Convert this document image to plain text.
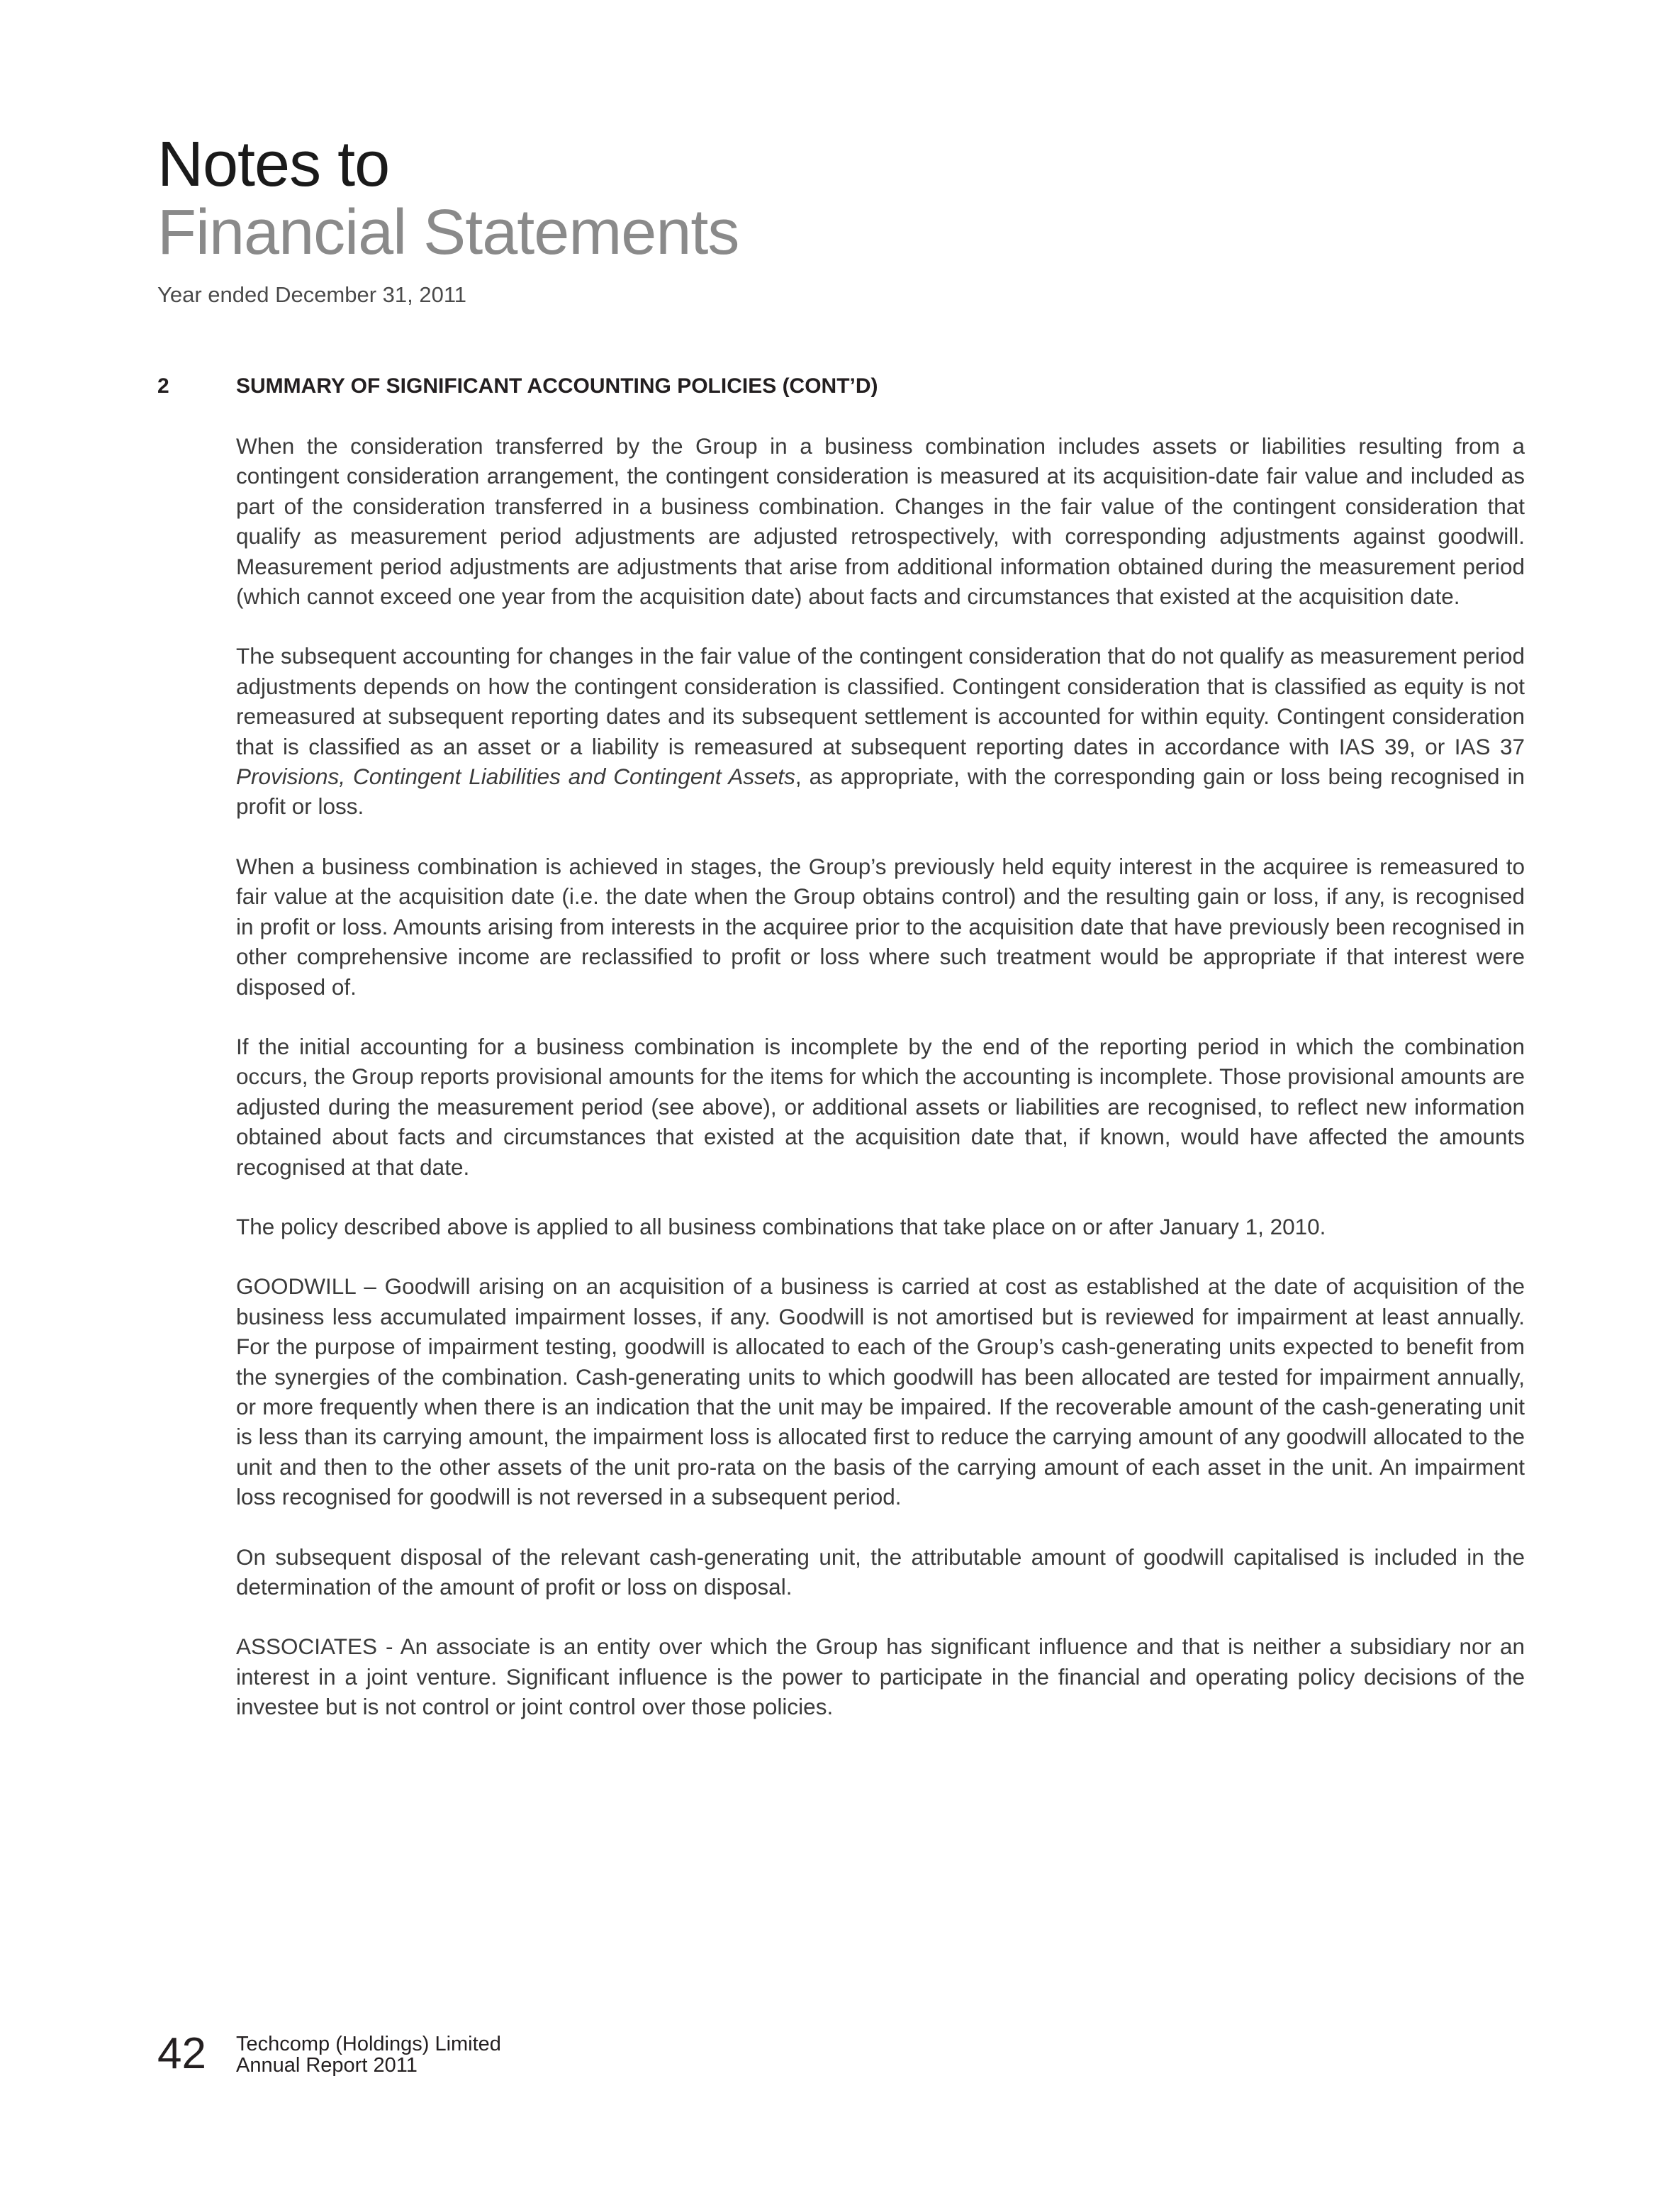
Notes to
Financial Statements
Year ended December 31, 2011
2	SUMMARY OF SIGNIFICANT ACCOUNTING POLICIES (CONT’D)

When the consideration transferred by the Group in a business combination includes assets or liabilities resulting from a contingent consideration arrangement, the contingent consideration is measured at its acquisition-date fair value and included as part of the consideration transferred in a business combination. Changes in the fair value of the contingent consideration that qualify as measurement period adjustments are adjusted retrospectively, with corresponding adjustments against goodwill. Measurement period adjustments are adjustments that arise from additional information obtained during the measurement period (which cannot exceed one year from the acquisition date) about facts and circumstances that existed at the acquisition date.

The subsequent accounting for changes in the fair value of the contingent consideration that do not qualify as measurement period adjustments depends on how the contingent consideration is classified. Contingent consideration that is classified as equity is not remeasured at subsequent reporting dates and its subsequent settlement is accounted for within equity. Contingent consideration that is classified as an asset or a liability is remeasured at subsequent reporting dates in accordance with IAS 39, or IAS 37 Provisions, Contingent Liabilities and Contingent Assets, as appropriate, with the corresponding gain or loss being recognised in profit or loss.

When a business combination is achieved in stages, the Group’s previously held equity interest in the acquiree is remeasured to fair value at the acquisition date (i.e. the date when the Group obtains control) and the resulting gain or loss, if any, is recognised in profit or loss. Amounts arising from interests in the acquiree prior to the acquisition date that have previously been recognised in other comprehensive income are reclassified to profit or loss where such treatment would be appropriate if that interest were disposed of.

If the initial accounting for a business combination is incomplete by the end of the reporting period in which the combination occurs, the Group reports provisional amounts for the items for which the accounting is incomplete. Those provisional amounts are adjusted during the measurement period (see above), or additional assets or liabilities are recognised, to reflect new information obtained about facts and circumstances that existed at the acquisition date that, if known, would have affected the amounts recognised at that date.

The policy described above is applied to all business combinations that take place on or after January 1, 2010.

GOODWILL – Goodwill arising on an acquisition of a business is carried at cost as established at the date of acquisition of the business less accumulated impairment losses, if any. Goodwill is not amortised but is reviewed for impairment at least annually. For the purpose of impairment testing, goodwill is allocated to each of the Group’s cash-generating units expected to benefit from the synergies of the combination. Cash-generating units to which goodwill has been allocated are tested for impairment annually, or more frequently when there is an indication that the unit may be impaired. If the recoverable amount of the cash-generating unit is less than its carrying amount, the impairment loss is allocated first to reduce the carrying amount of any goodwill allocated to the unit and then to the other assets of the unit pro-rata on the basis of the carrying amount of each asset in the unit. An impairment loss recognised for goodwill is not reversed in a subsequent period.

On subsequent disposal of the relevant cash-generating unit, the attributable amount of goodwill capitalised is included in the determination of the amount of profit or loss on disposal.

ASSOCIATES - An associate is an entity over which the Group has significant influence and that is neither a subsidiary nor an interest in a joint venture. Significant influence is the power to participate in the financial and operating policy decisions of the investee but is not control or joint control over those policies.

42 Techcomp (Holdings) Limited
Annual Report 2011
